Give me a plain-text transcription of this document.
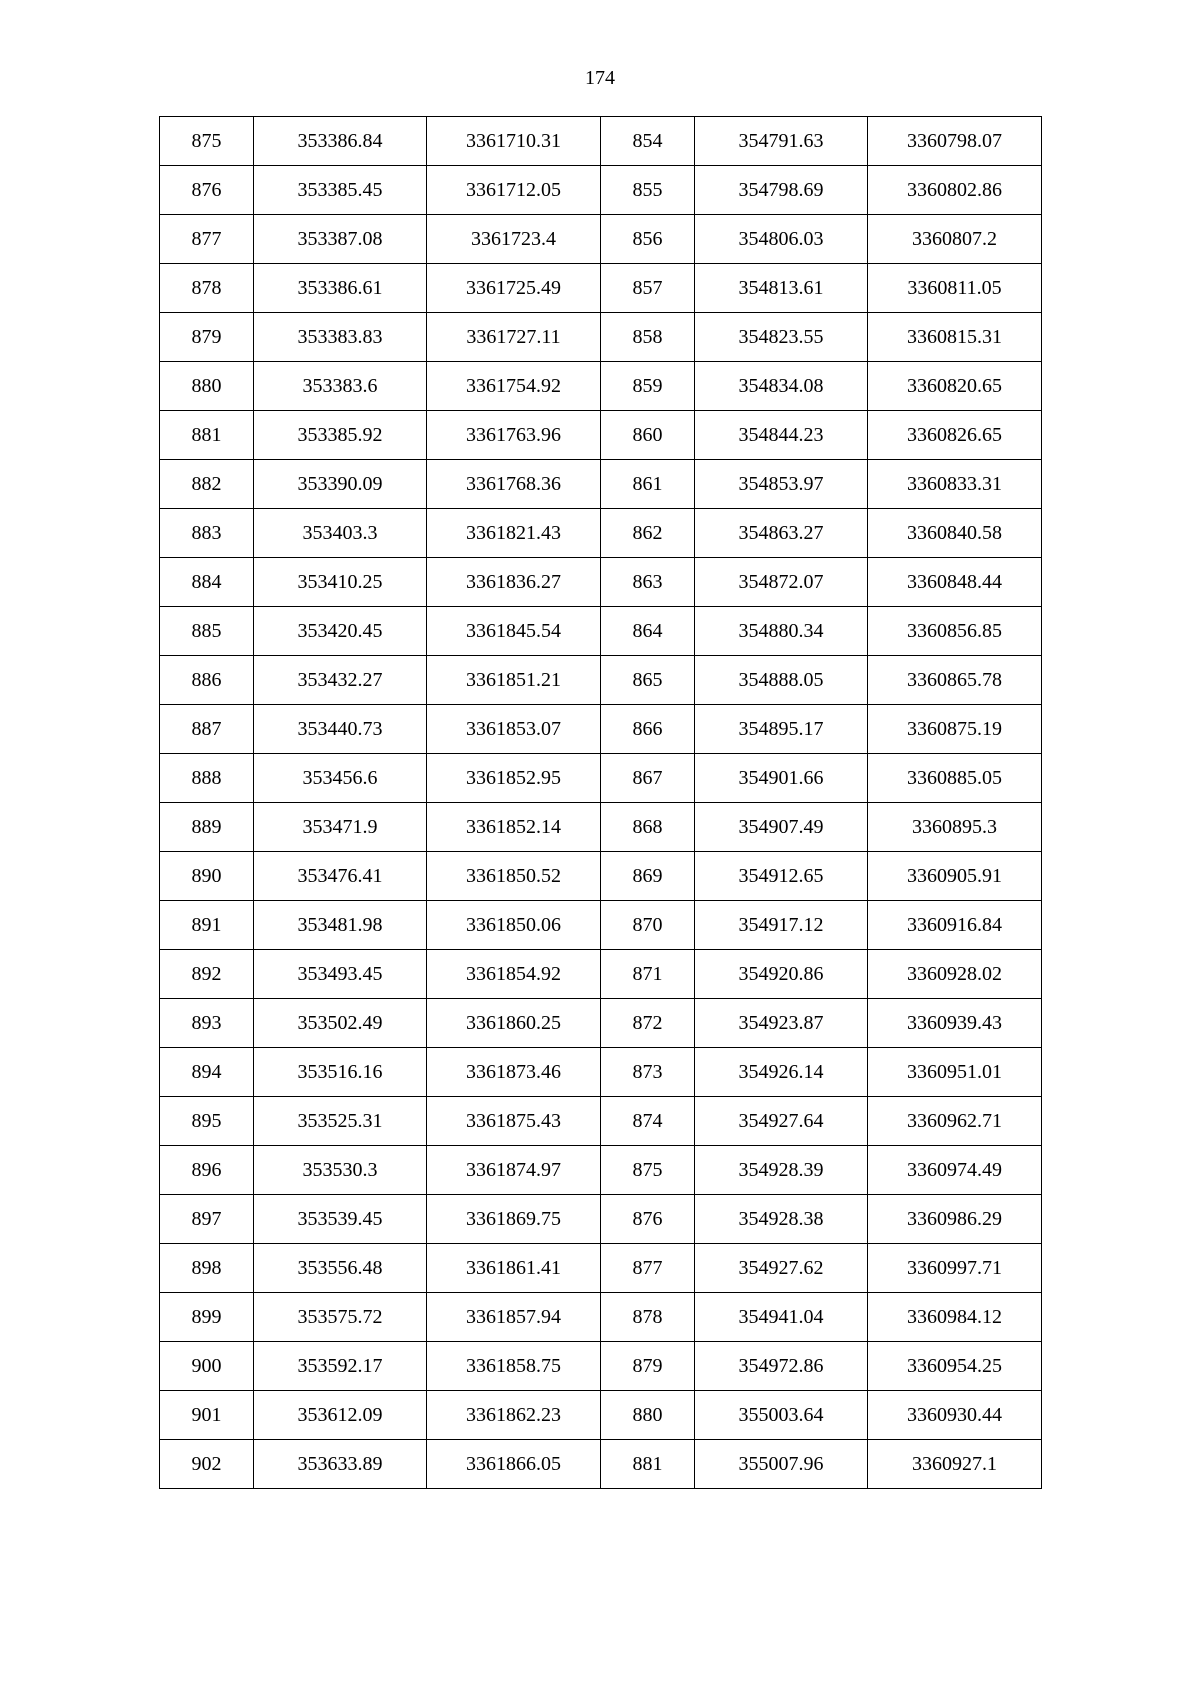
174
875	353386.84	3361710.31	854	354791.63	3360798.07
876	353385.45	3361712.05	855	354798.69	3360802.86
877	353387.08	3361723.4	856	354806.03	3360807.2
878	353386.61	3361725.49	857	354813.61	3360811.05
879	353383.83	3361727.11	858	354823.55	3360815.31
880	353383.6	3361754.92	859	354834.08	3360820.65
881	353385.92	3361763.96	860	354844.23	3360826.65
882	353390.09	3361768.36	861	354853.97	3360833.31
883	353403.3	3361821.43	862	354863.27	3360840.58
884	353410.25	3361836.27	863	354872.07	3360848.44
885	353420.45	3361845.54	864	354880.34	3360856.85
886	353432.27	3361851.21	865	354888.05	3360865.78
887	353440.73	3361853.07	866	354895.17	3360875.19
888	353456.6	3361852.95	867	354901.66	3360885.05
889	353471.9	3361852.14	868	354907.49	3360895.3
890	353476.41	3361850.52	869	354912.65	3360905.91
891	353481.98	3361850.06	870	354917.12	3360916.84
892	353493.45	3361854.92	871	354920.86	3360928.02
893	353502.49	3361860.25	872	354923.87	3360939.43
894	353516.16	3361873.46	873	354926.14	3360951.01
895	353525.31	3361875.43	874	354927.64	3360962.71
896	353530.3	3361874.97	875	354928.39	3360974.49
897	353539.45	3361869.75	876	354928.38	3360986.29
898	353556.48	3361861.41	877	354927.62	3360997.71
899	353575.72	3361857.94	878	354941.04	3360984.12
900	353592.17	3361858.75	879	354972.86	3360954.25
901	353612.09	3361862.23	880	355003.64	3360930.44
902	353633.89	3361866.05	881	355007.96	3360927.1
